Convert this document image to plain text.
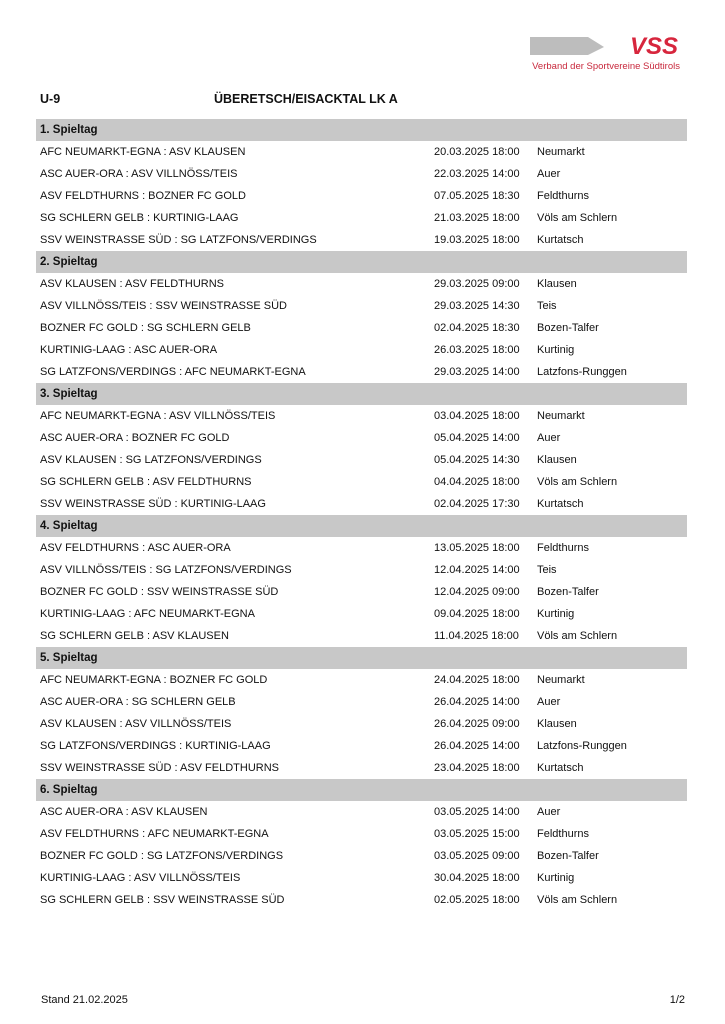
VSS
Verband der Sportvereine Südtirols
U-9	ÜBERETSCH/EISACKTAL LK A
1. Spieltag
AFC NEUMARKT-EGNA : ASV KLAUSEN	20.03.2025 18:00 Neumarkt
ASC AUER-ORA : ASV VILLNÖSS/TEIS	22.03.2025 14:00 Auer
ASV FELDTHURNS : BOZNER FC GOLD	07.05.2025 18:30 Feldthurns
SG SCHLERN GELB : KURTINIG-LAAG	21.03.2025 18:00 Völs am Schlern
SSV WEINSTRASSE SÜD : SG LATZFONS/VERDINGS	19.03.2025 18:00 Kurtatsch
2. Spieltag
ASV KLAUSEN : ASV FELDTHURNS	29.03.2025 09:00 Klausen
ASV VILLNÖSS/TEIS : SSV WEINSTRASSE SÜD	29.03.2025 14:30 Teis
BOZNER FC GOLD : SG SCHLERN GELB	02.04.2025 18:30 Bozen-Talfer
KURTINIG-LAAG : ASC AUER-ORA	26.03.2025 18:00 Kurtinig
SG LATZFONS/VERDINGS : AFC NEUMARKT-EGNA	29.03.2025 14:00 Latzfons-Runggen
3. Spieltag
AFC NEUMARKT-EGNA : ASV VILLNÖSS/TEIS	03.04.2025 18:00 Neumarkt
ASC AUER-ORA : BOZNER FC GOLD	05.04.2025 14:00 Auer
ASV KLAUSEN : SG LATZFONS/VERDINGS	05.04.2025 14:30 Klausen
SG SCHLERN GELB : ASV FELDTHURNS	04.04.2025 18:00 Völs am Schlern
SSV WEINSTRASSE SÜD : KURTINIG-LAAG	02.04.2025 17:30 Kurtatsch
4. Spieltag
ASV FELDTHURNS : ASC AUER-ORA	13.05.2025 18:00 Feldthurns
ASV VILLNÖSS/TEIS : SG LATZFONS/VERDINGS	12.04.2025 14:00 Teis
BOZNER FC GOLD : SSV WEINSTRASSE SÜD	12.04.2025 09:00 Bozen-Talfer
KURTINIG-LAAG : AFC NEUMARKT-EGNA	09.04.2025 18:00 Kurtinig
SG SCHLERN GELB : ASV KLAUSEN	11.04.2025 18:00 Völs am Schlern
5. Spieltag
AFC NEUMARKT-EGNA : BOZNER FC GOLD	24.04.2025 18:00 Neumarkt
ASC AUER-ORA : SG SCHLERN GELB	26.04.2025 14:00 Auer
ASV KLAUSEN : ASV VILLNÖSS/TEIS	26.04.2025 09:00 Klausen
SG LATZFONS/VERDINGS : KURTINIG-LAAG	26.04.2025 14:00 Latzfons-Runggen
SSV WEINSTRASSE SÜD : ASV FELDTHURNS	23.04.2025 18:00 Kurtatsch
6. Spieltag
ASC AUER-ORA : ASV KLAUSEN	03.05.2025 14:00 Auer
ASV FELDTHURNS : AFC NEUMARKT-EGNA	03.05.2025 15:00 Feldthurns
BOZNER FC GOLD : SG LATZFONS/VERDINGS	03.05.2025 09:00 Bozen-Talfer
KURTINIG-LAAG : ASV VILLNÖSS/TEIS	30.04.2025 18:00 Kurtinig
SG SCHLERN GELB : SSV WEINSTRASSE SÜD	02.05.2025 18:00 Völs am Schlern
Stand 21.02.2025	1/2
